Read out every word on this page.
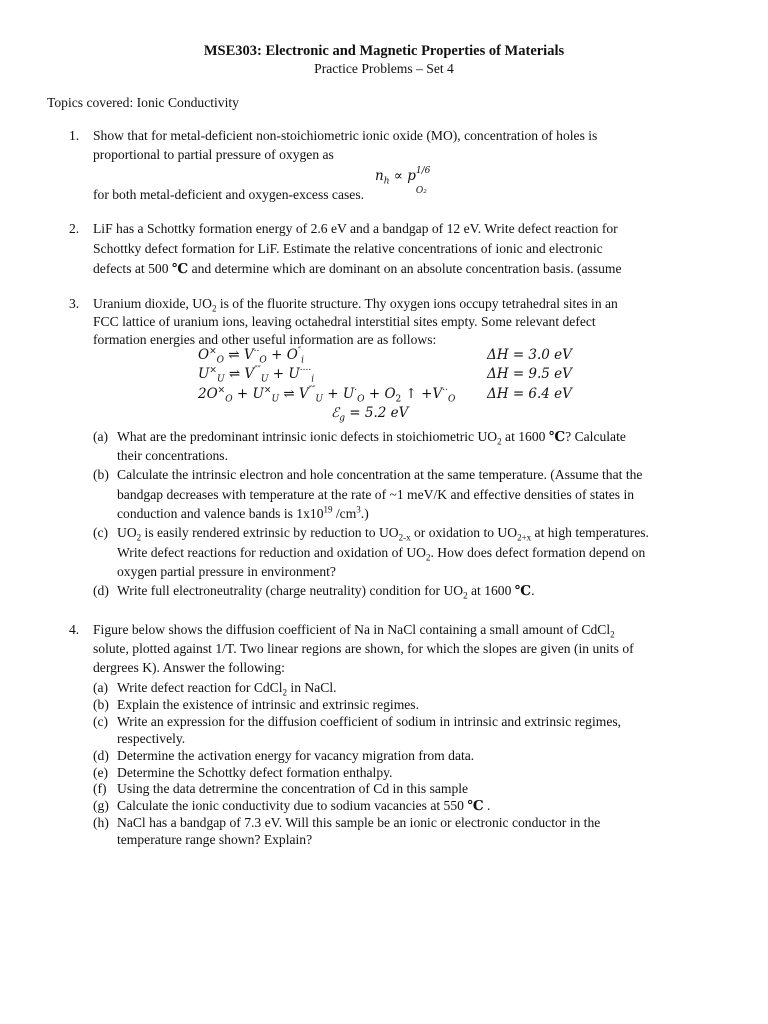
MSE303: Electronic and Magnetic Properties of Materials
Practice Problems – Set 4
Topics covered: Ionic Conductivity
1. Show that for metal-deficient non-stoichiometric ionic oxide (MO), concentration of holes is
proportional to partial pressure of oxygen as
$n_h \propto p$ 1/6
O₂
for both metal-deficient and oxygen-excess cases.
2. LiF has a Schottky formation energy of 2.6 eV and a bandgap of 12 eV. Write defect reaction for
Schottky defect formation for LiF. Estimate the relative concentrations of ionic and electronic
defects at 500 ℃ and determine which are dominant on an absolute concentration basis. (assume
3. Uranium dioxide, $UO_2$ is of the fluorite structure. Thy oxygen ions occupy tetrahedral sites in an
FCC lattice of uranium ions, leaving octahedral interstitial sites empty. Some relevant defect
formation energies and other useful information are as follows:
$O^\times_O$ ⇌ $V^{\cdot\cdot}_O + O''_i$	ΔH = 3.0 eV
$U^\times_U$ ⇌ $V''''_U + U^{\cdot\cdot\cdot\cdot}_i$	ΔH = 9.5 eV
$2O^\times_O + U^\times_U$ ⇌ $V''''_U + U^\cdot_O + O_2$ ↑ $+V^{\cdot\cdot}_O$ ΔH = 6.4 eV
ℰ$_g$ = 5.2 eV
(a) What are the predominant intrinsic ionic defects in stoichiometric $UO_2$ at 1600 ℃? Calculate
their concentrations.
(b) Calculate the intrinsic electron and hole concentration at the same temperature. (Assume that the
bandgap decreases with temperature at the rate of ~1 meV/K and effective densities of states in
conduction and valence bands is $1x10^{19}$ $/cm^3$.)
(c) $UO_2$ is easily rendered extrinsic by reduction to $UO_{2-x}$ or oxidation to $UO_{2+x}$ at high temperatures.
Write defect reactions for reduction and oxidation of $UO_2$. How does defect formation depend on
oxygen partial pressure in environment?
(d) Write full electroneutrality (charge neutrality) condition for $UO_2$ at 1600 ℃.
4. Figure below shows the diffusion coefficient of Na in NaCl containing a small amount of CdCl$_2$
solute, plotted against 1/T. Two linear regions are shown, for which the slopes are given (in units of
dergrees K). Answer the following:
(a) Write defect reaction for CdCl$_2$ in NaCl.
(b) Explain the existence of intrinsic and extrinsic regimes.
(c) Write an expression for the diffusion coefficient of sodium in intrinsic and extrinsic regimes,
respectively.
(d) Determine the activation energy for vacancy migration from data.
(e) Determine the Schottky defect formation enthalpy.
(f) Using the data detrermine the concentration of Cd in this sample
(g) Calculate the ionic conductivity due to sodium vacancies at 550 ℃ .
(h) NaCl has a bandgap of 7.3 eV. Will this sample be an ionic or electronic conductor in the
temperature range shown? Explain?
